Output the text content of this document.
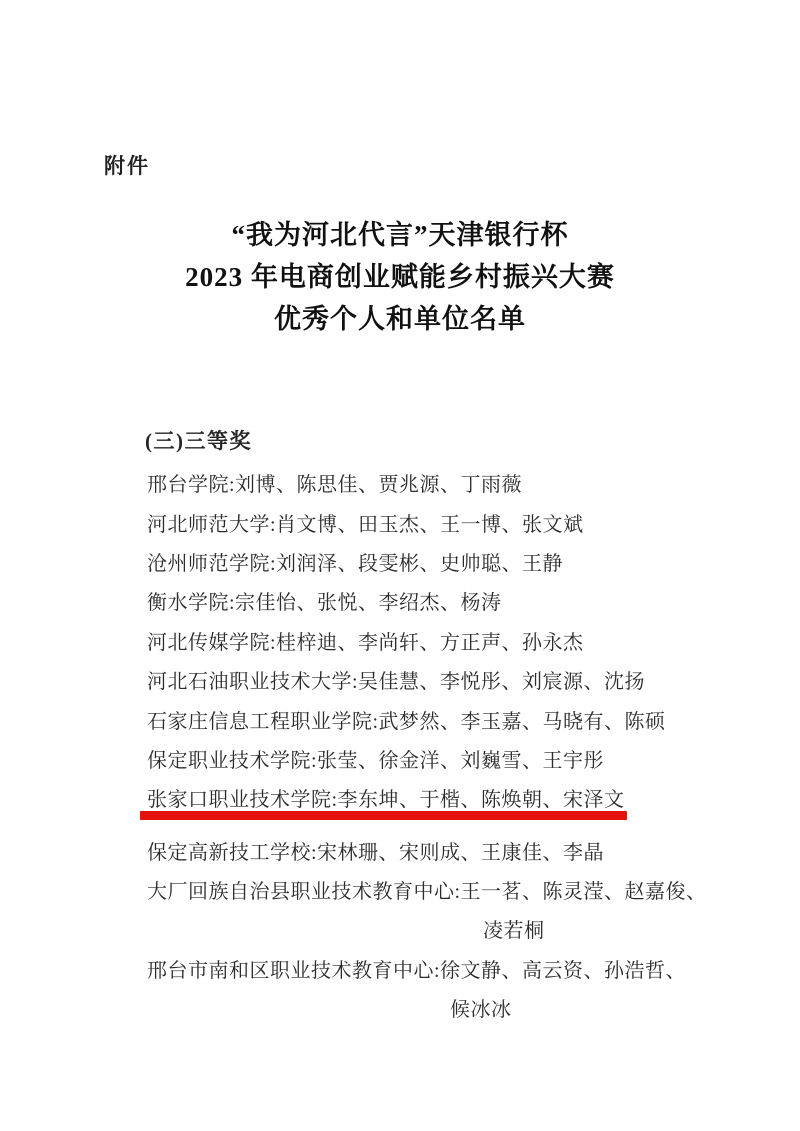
附件
“我为河北代言”天津银行杯
2023 年电商创业赋能乡村振兴大赛
优秀个人和单位名单
(三)三等奖
邢台学院:刘博、陈思佳、贾兆源、丁雨薇
河北师范大学:肖文博、田玉杰、王一博、张文斌
沧州师范学院:刘润泽、段雯彬、史帅聪、王静
衡水学院:宗佳怡、张悦、李绍杰、杨涛
河北传媒学院:桂梓迪、李尚轩、方正声、孙永杰
河北石油职业技术大学:吴佳慧、李悦彤、刘宸源、沈扬
石家庄信息工程职业学院:武梦然、李玉嘉、马晓有、陈硕
保定职业技术学院:张莹、徐金洋、刘巍雪、王宇彤
张家口职业技术学院:李东坤、于楷、陈焕朝、宋泽文
保定高新技工学校:宋林珊、宋则成、王康佳、李晶
大厂回族自治县职业技术教育中心:王一茗、陈灵滢、赵嘉俊、
凌若桐
邢台市南和区职业技术教育中心:徐文静、高云资、孙浩哲、
候冰冰
